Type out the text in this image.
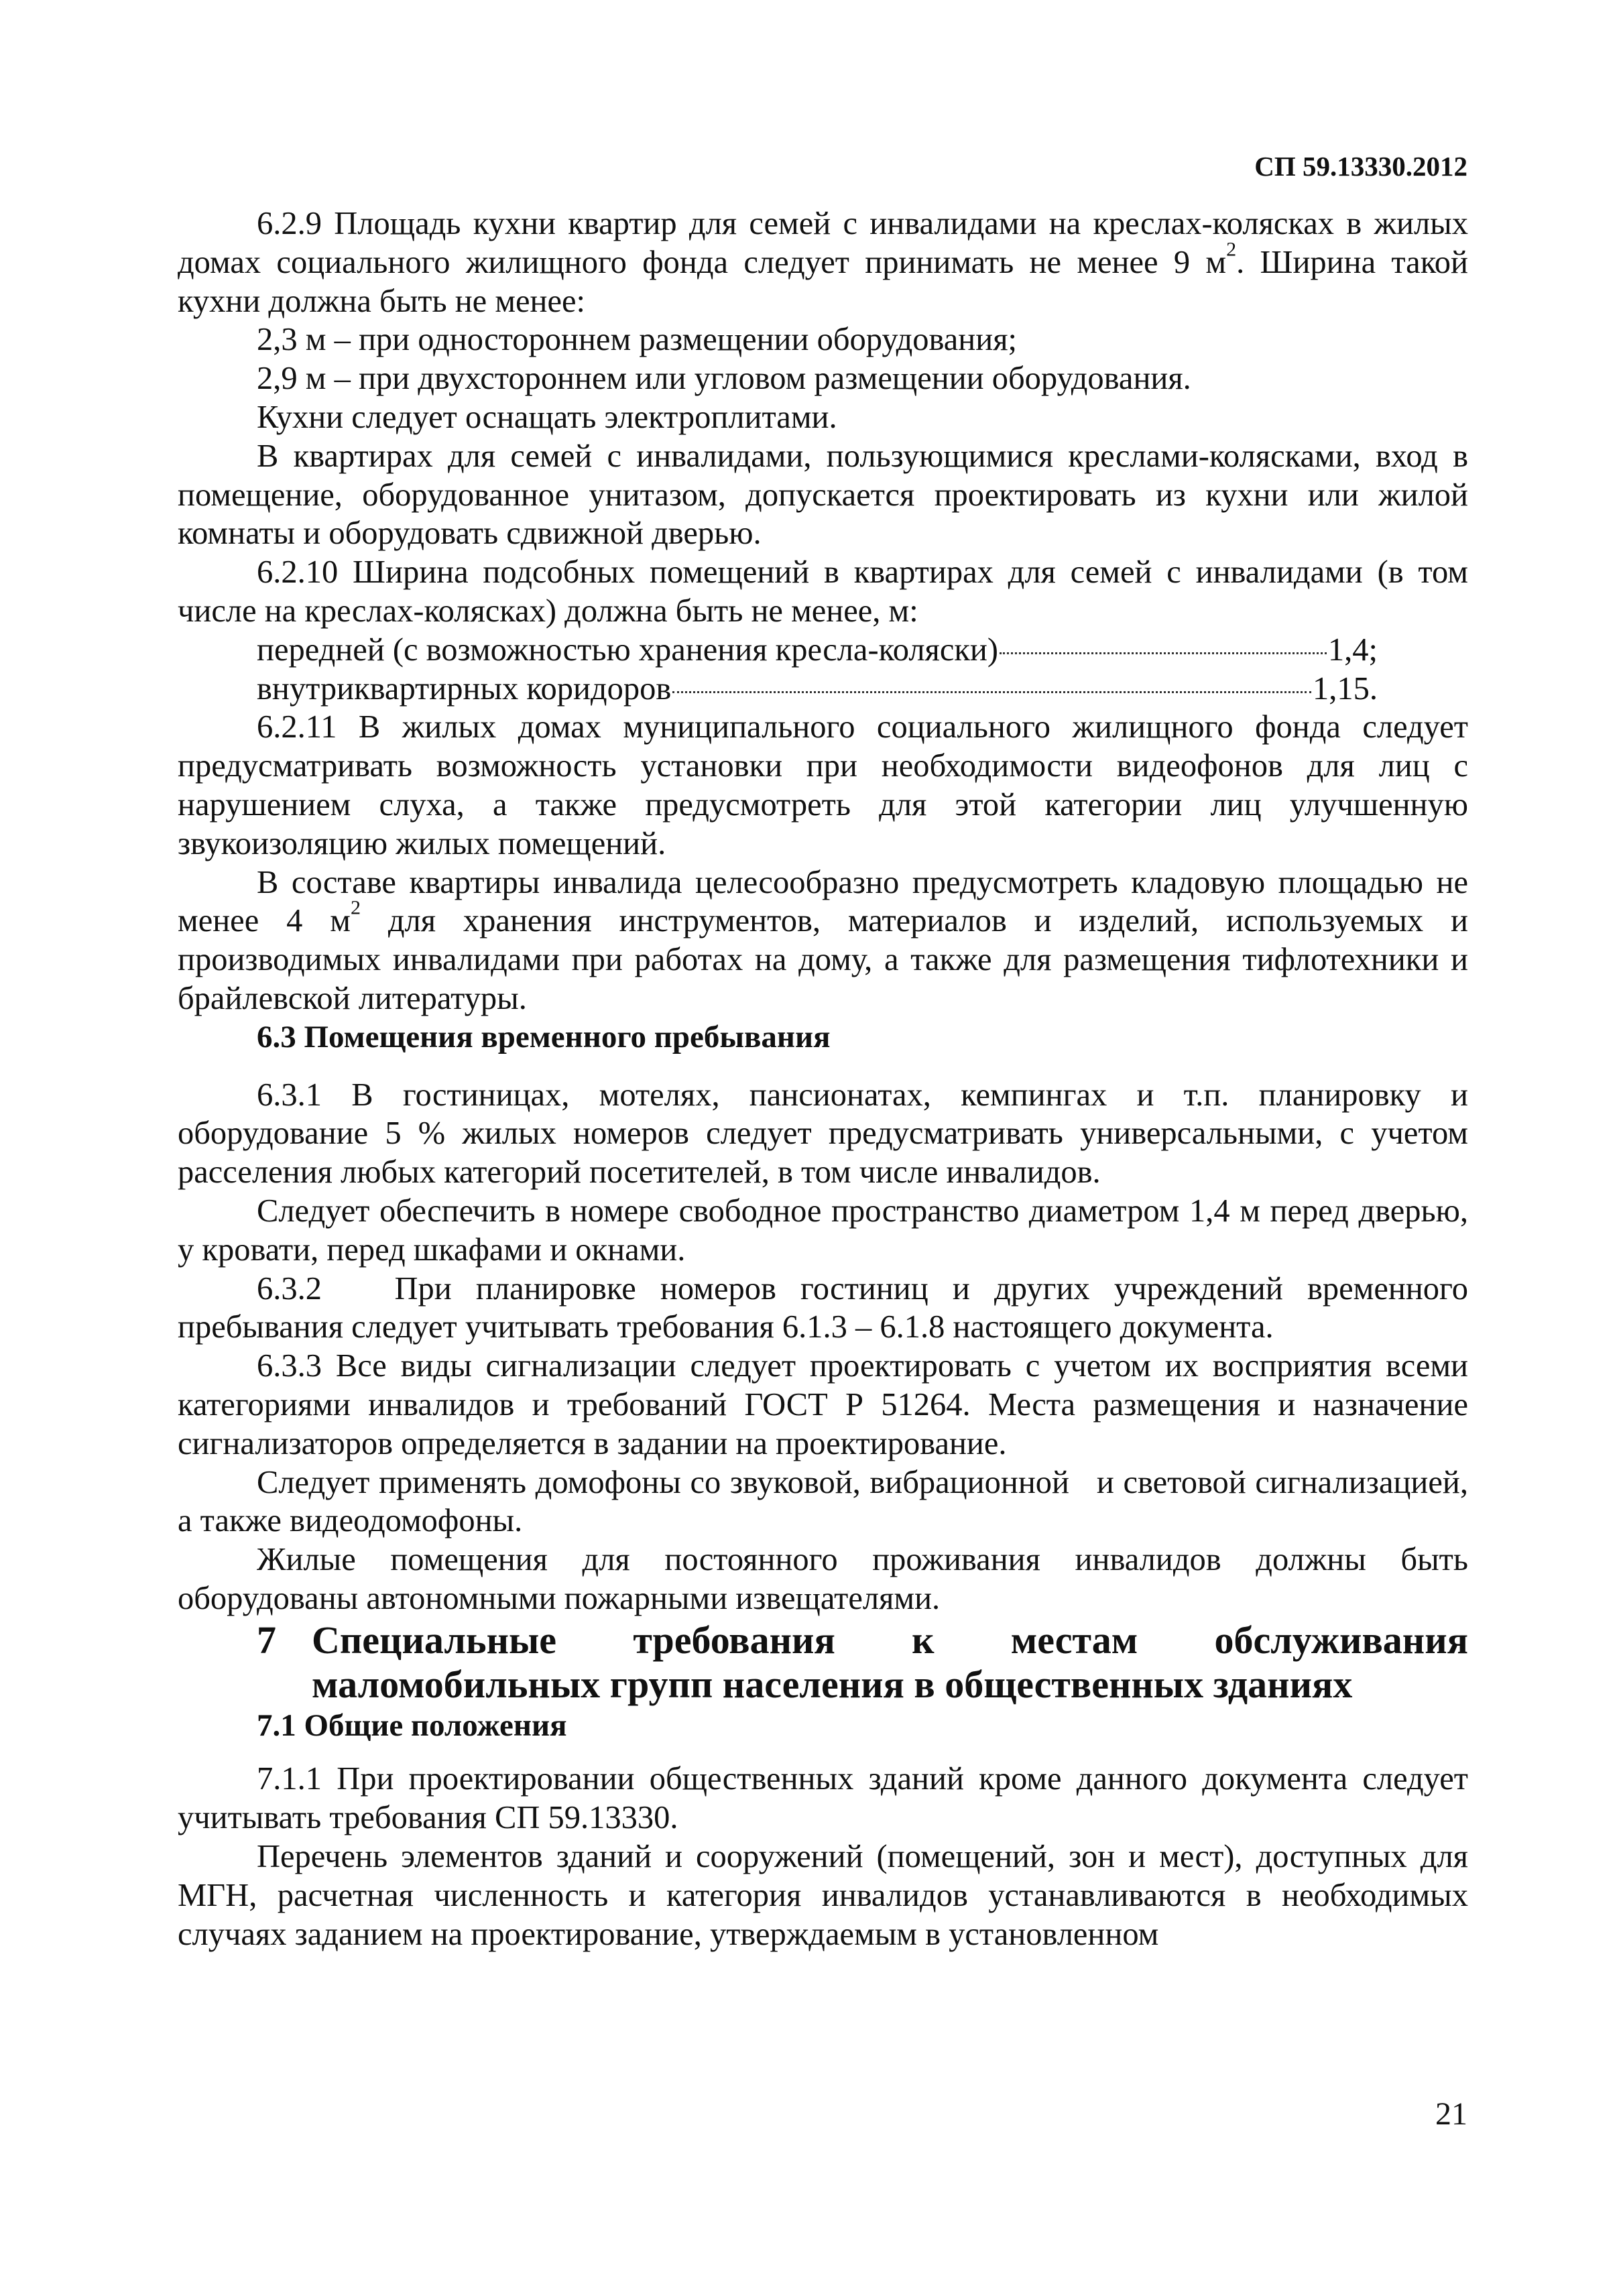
СП 59.13330.2012

6.2.9 Площадь кухни квартир для семей с инвалидами на креслах-колясках в жилых домах социального жилищного фонда следует принимать не менее 9 $м^2$. Ширина такой кухни должна быть не менее:

2,3 м – при одностороннем размещении оборудования;

2,9 м – при двухстороннем или угловом размещении оборудования.

Кухни следует оснащать электроплитами.

В квартирах для семей с инвалидами, пользующимися креслами-колясками, вход в помещение, оборудованное унитазом, допускается проектировать из кухни или жилой комнаты и оборудовать сдвижной дверью.

6.2.10 Ширина подсобных помещений в квартирах для семей с инвалидами (в том числе на креслах-колясках) должна быть не менее, м:

передней (с возможностью хранения кресла-коляски)	1,4;
внутриквартирных коридоров	1,15.

6.2.11 В жилых домах муниципального социального жилищного фонда следует предусматривать возможность установки при необходимости видеофонов для лиц с нарушением слуха, а также предусмотреть для этой категории лиц улучшенную звукоизоляцию жилых помещений.

В составе квартиры инвалида целесообразно предусмотреть кладовую площадью не менее 4 $м^2$ для хранения инструментов, материалов и изделий, используемых и производимых инвалидами при работах на дому, а также для размещения тифлотехники и брайлевской литературы.

6.3 Помещения временного пребывания

6.3.1 В гостиницах, мотелях, пансионатах, кемпингах и т.п. планировку и оборудование 5 % жилых номеров следует предусматривать универсальными, с учетом расселения любых категорий посетителей, в том числе инвалидов.

Следует обеспечить в номере свободное пространство диаметром 1,4 м перед дверью, у кровати, перед шкафами и окнами.

6.3.2   При планировке номеров гостиниц и других учреждений временного пребывания следует учитывать требования 6.1.3 – 6.1.8 настоящего документа.

6.3.3 Все виды сигнализации следует проектировать с учетом их восприятия всеми категориями инвалидов и требований ГОСТ Р 51264. Места размещения и назначение сигнализаторов определяется в задании на проектирование.

Следует применять домофоны со звуковой, вибрационной   и световой сигнализацией, а также видеодомофоны.

Жилые помещения для постоянного проживания инвалидов должны быть оборудованы автономными пожарными извещателями.

7 Специальные требования к местам обслуживания маломобильных групп населения в общественных зданиях

7.1 Общие положения

7.1.1 При проектировании общественных зданий кроме данного документа следует учитывать требования СП 59.13330.

Перечень элементов зданий и сооружений (помещений, зон и мест), доступных для МГН, расчетная численность и категория инвалидов устанавливаются в необходимых случаях заданием на проектирование, утверждаемым в установленном

21
